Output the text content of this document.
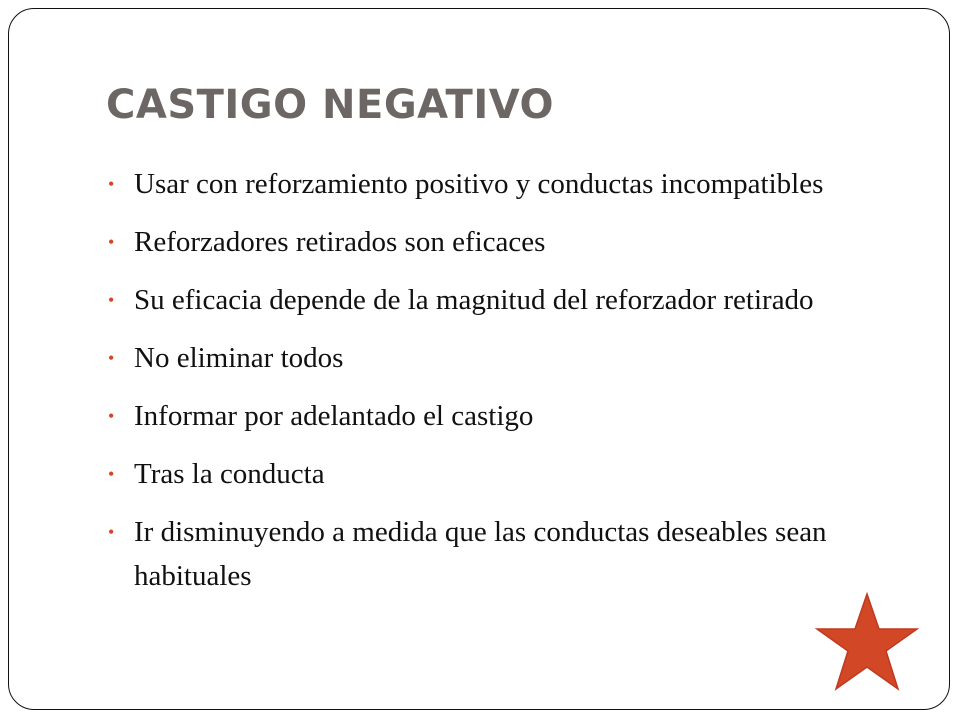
CASTIGO NEGATIVO
• Usar con reforzamiento positivo y conductas incompatibles
• Reforzadores retirados son eficaces
• Su eficacia depende de la magnitud del reforzador retirado
• No eliminar todos
• Informar por adelantado el castigo
• Tras la conducta
• Ir disminuyendo a medida que las conductas deseables sean habituales
